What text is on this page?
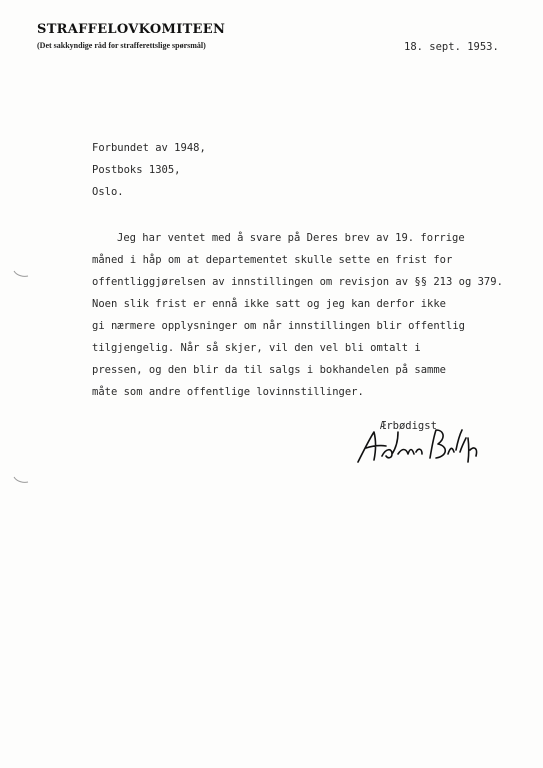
STRAFFELOVKOMITEEN
(Det sakkyndige råd for strafferettslige spørsmål)	18. sept. 1953.
Forbundet av 1948,
Postboks 1305,
Oslo.
Jeg har ventet med å svare på Deres brev av 19. forrige
måned i håp om at departementet skulle sette en frist for
offentliggjørelsen av innstillingen om revisjon av §§ 213 og 379.
Noen slik frist er ennå ikke satt og jeg kan derfor ikke
gi nærmere opplysninger om når innstillingen blir offentlig
tilgjengelig. Når så skjer, vil den vel bli omtalt i
pressen, og den blir da til salgs i bokhandelen på samme
måte som andre offentlige lovinnstillinger.
Ærbødigst
